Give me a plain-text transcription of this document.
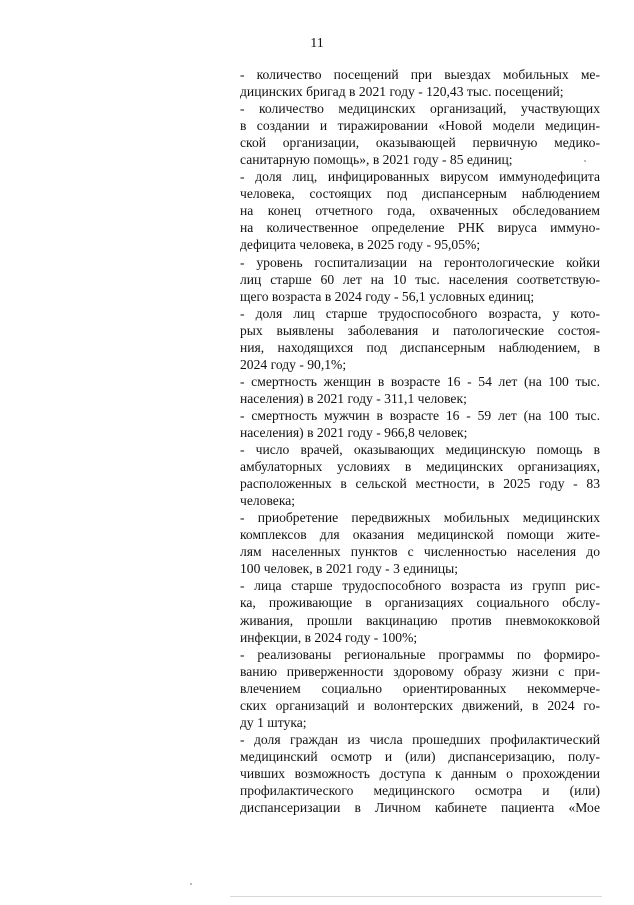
11
- количество посещений при выездах мобильных ме-
дицинских бригад в 2021 году - 120,43 тыс. посещений;
- количество медицинских организаций, участвующих
в создании и тиражировании «Новой модели медицин-
ской организации, оказывающей первичную медико-
санитарную помощь», в 2021 году - 85 единиц;
- доля лиц, инфицированных вирусом иммунодефицита
человека, состоящих под диспансерным наблюдением
на конец отчетного года, охваченных обследованием
на количественное определение РНК вируса иммуно-
дефицита человека, в 2025 году - 95,05%;
- уровень госпитализации на геронтологические койки
лиц старше 60 лет на 10 тыс. населения соответствую-
щего возраста в 2024 году - 56,1 условных единиц;
- доля лиц старше трудоспособного возраста, у кото-
рых выявлены заболевания и патологические состоя-
ния, находящихся под диспансерным наблюдением, в
2024 году - 90,1%;
- смертность женщин в возрасте 16 - 54 лет (на 100 тыс.
населения) в 2021 году - 311,1 человек;
- смертность мужчин в возрасте 16 - 59 лет (на 100 тыс.
населения) в 2021 году - 966,8 человек;
- число врачей, оказывающих медицинскую помощь в
амбулаторных условиях в медицинских организациях,
расположенных в сельской местности, в 2025 году - 83
человека;
- приобретение передвижных мобильных медицинских
комплексов для оказания медицинской помощи жите-
лям населенных пунктов с численностью населения до
100 человек, в 2021 году - 3 единицы;
- лица старше трудоспособного возраста из групп рис-
ка, проживающие в организациях социального обслу-
живания, прошли вакцинацию против пневмококковой
инфекции, в 2024 году - 100%;
- реализованы региональные программы по формиро-
ванию приверженности здоровому образу жизни с при-
влечением социально ориентированных некоммерче-
ских организаций и волонтерских движений, в 2024 го-
ду 1 штука;
- доля граждан из числа прошедших профилактический
медицинский осмотр и (или) диспансеризацию, полу-
чивших возможность доступа к данным о прохождении
профилактического медицинского осмотра и (или)
диспансеризации в Личном кабинете пациента «Мое
